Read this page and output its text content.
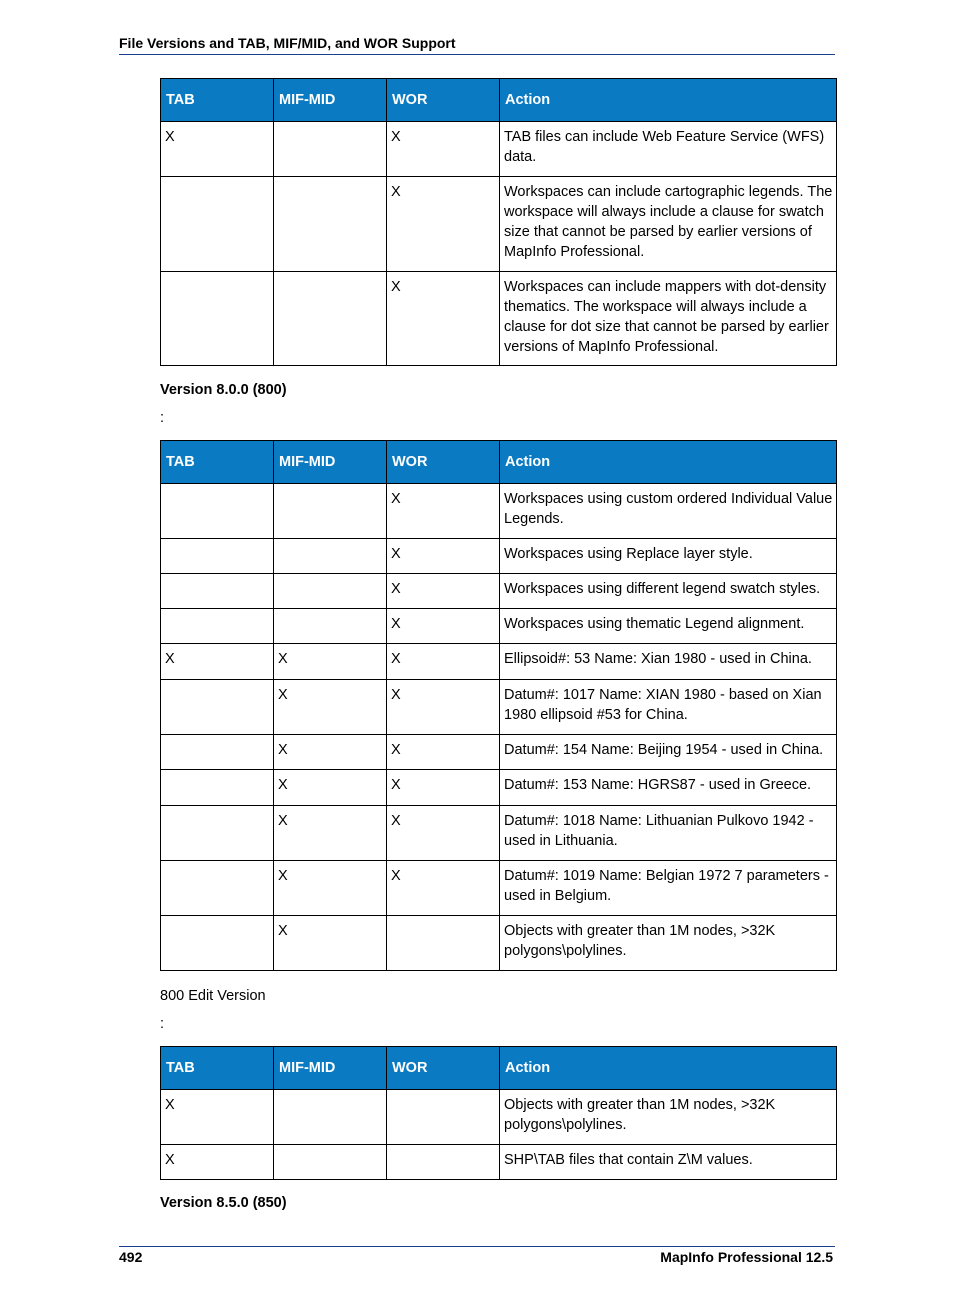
File Versions and TAB, MIF/MID, and WOR Support
TAB	MIF-MID	WOR	Action
X		X	TAB files can include Web Feature Service (WFS) data.
		X	Workspaces can include cartographic legends. The workspace will always include a clause for swatch size that cannot be parsed by earlier versions of MapInfo Professional.
		X	Workspaces can include mappers with dot-density thematics. The workspace will always include a clause for dot size that cannot be parsed by earlier versions of MapInfo Professional.
Version 8.0.0 (800)
:
TAB	MIF-MID	WOR	Action
		X	Workspaces using custom ordered Individual Value Legends.
		X	Workspaces using Replace layer style.
		X	Workspaces using different legend swatch styles.
		X	Workspaces using thematic Legend alignment.
X	X	X	Ellipsoid#: 53 Name: Xian 1980 - used in China.
	X	X	Datum#: 1017 Name: XIAN 1980 - based on Xian 1980 ellipsoid #53 for China.
	X	X	Datum#: 154 Name: Beijing 1954 - used in China.
	X	X	Datum#: 153 Name: HGRS87 - used in Greece.
	X	X	Datum#: 1018 Name: Lithuanian Pulkovo 1942 - used in Lithuania.
	X	X	Datum#: 1019 Name: Belgian 1972 7 parameters - used in Belgium.
	X		Objects with greater than 1M nodes, >32K polygons\polylines.
800 Edit Version
:
TAB	MIF-MID	WOR	Action
X			Objects with greater than 1M nodes, >32K polygons\polylines.
X			SHP\TAB files that contain Z\M values.
Version 8.5.0 (850)
492	MapInfo Professional 12.5
